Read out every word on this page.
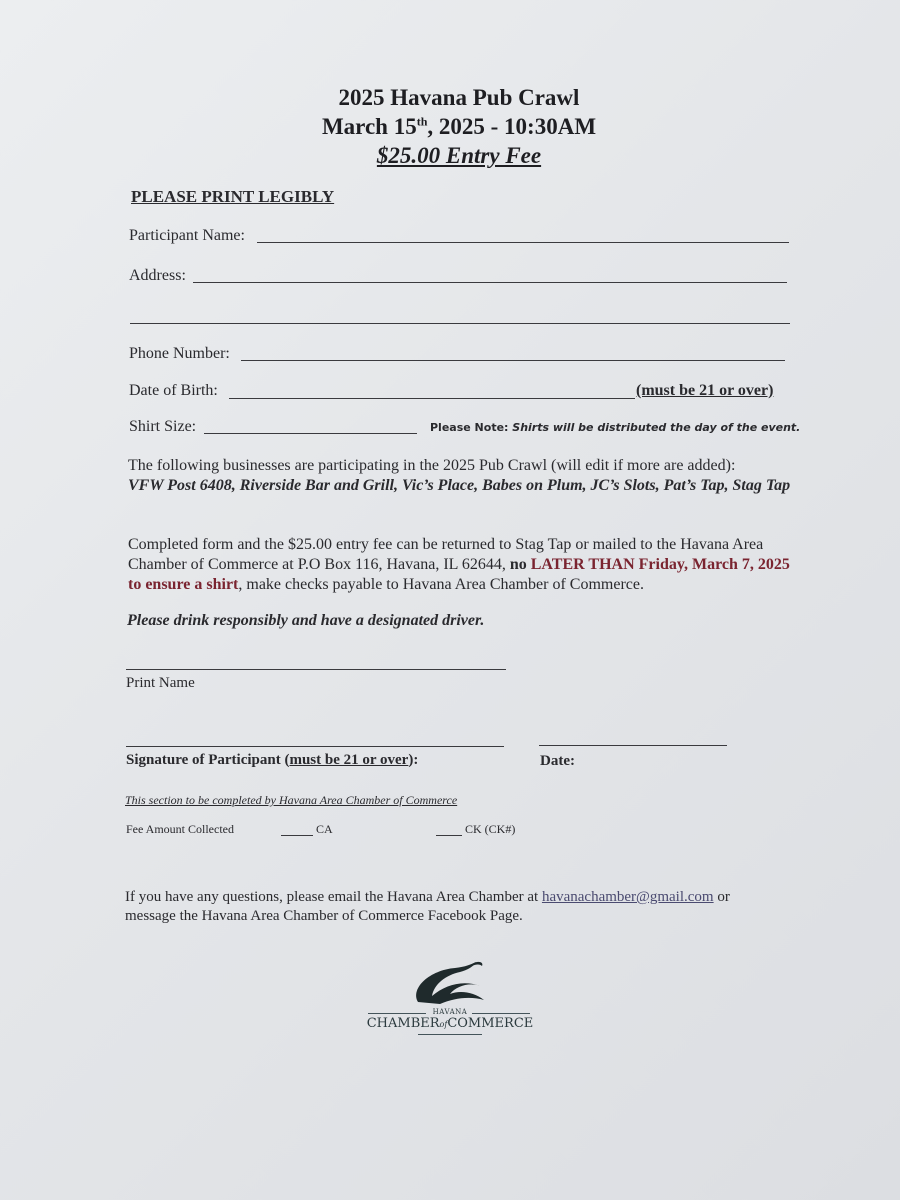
2025 Havana Pub Crawl
March 15th, 2025 - 10:30AM
$25.00 Entry Fee
PLEASE PRINT LEGIBLY
Participant Name:
Address:
Phone Number:
Date of Birth:	(must be 21 or over)
Shirt Size:	Please Note: Shirts will be distributed the day of the event.
The following businesses are participating in the 2025 Pub Crawl (will edit if more are added):
VFW Post 6408, Riverside Bar and Grill, Vic’s Place, Babes on Plum, JC’s Slots, Pat’s Tap, Stag Tap
Completed form and the $25.00 entry fee can be returned to Stag Tap or mailed to the Havana Area Chamber of Commerce at P.O Box 116, Havana, IL 62644, no LATER THAN Friday, March 7, 2025 to ensure a shirt, make checks payable to Havana Area Chamber of Commerce.
Please drink responsibly and have a designated driver.
Print Name
Signature of Participant (must be 21 or over):	Date:
This section to be completed by Havana Area Chamber of Commerce
Fee Amount Collected	CA	CK (CK#)
If you have any questions, please email the Havana Area Chamber at havanachamber@gmail.com or message the Havana Area Chamber of Commerce Facebook Page.
HAVANA
CHAMBERofCOMMERCE
